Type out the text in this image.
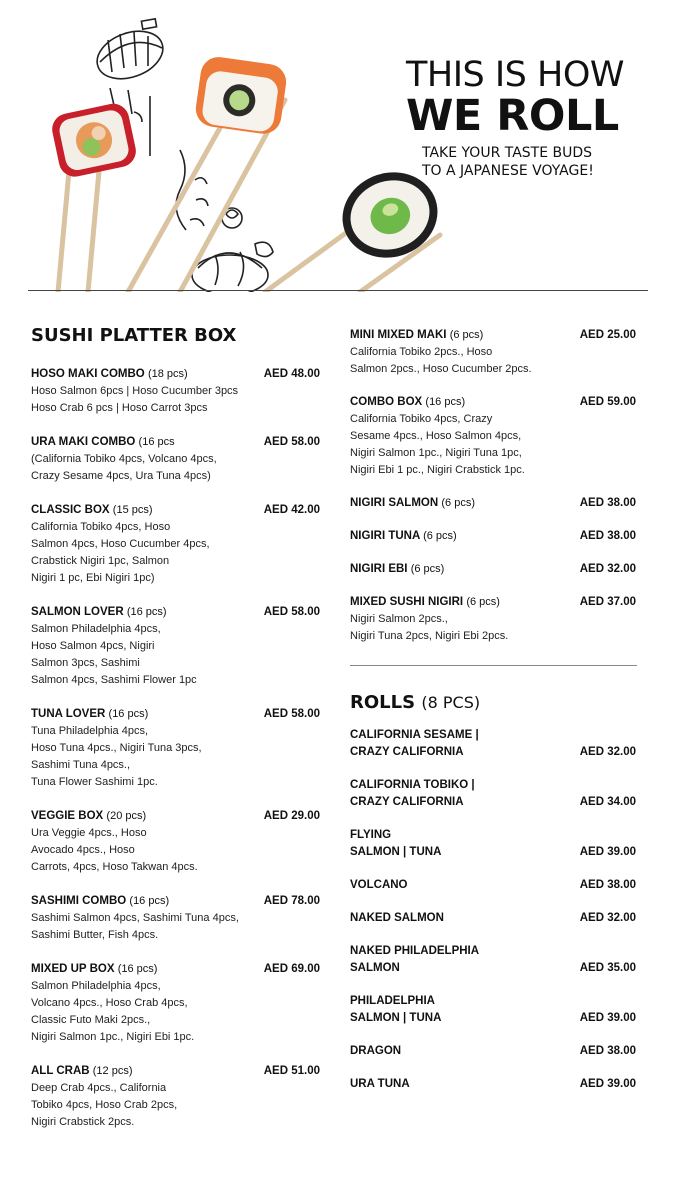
THIS IS HOW
WE ROLL
TAKE YOUR TASTE BUDS
TO A JAPANESE VOYAGE!
SUSHI PLATTER BOX
HOSO MAKI COMBO (18 pcs)	AED 48.00
Hoso Salmon 6pcs | Hoso Cucumber 3pcs
Hoso Crab 6 pcs | Hoso Carrot 3pcs
URA MAKI COMBO (16 pcs	AED 58.00
(California Tobiko 4pcs, Volcano 4pcs,
Crazy Sesame 4pcs, Ura Tuna 4pcs)
CLASSIC BOX (15 pcs)	AED 42.00
California Tobiko 4pcs, Hoso
Salmon 4pcs, Hoso Cucumber 4pcs,
Crabstick Nigiri 1pc, Salmon
Nigiri 1 pc, Ebi Nigiri 1pc)
SALMON LOVER (16 pcs)	AED 58.00
Salmon Philadelphia 4pcs,
Hoso Salmon 4pcs, Nigiri
Salmon 3pcs, Sashimi
Salmon 4pcs, Sashimi Flower 1pc
TUNA LOVER (16 pcs)	AED 58.00
Tuna Philadelphia 4pcs,
Hoso Tuna 4pcs., Nigiri Tuna 3pcs,
Sashimi Tuna 4pcs.,
Tuna Flower Sashimi 1pc.
VEGGIE BOX (20 pcs)	AED 29.00
Ura Veggie 4pcs., Hoso
Avocado 4pcs., Hoso
Carrots, 4pcs, Hoso Takwan 4pcs.
SASHIMI COMBO (16 pcs)	AED 78.00
Sashimi Salmon 4pcs, Sashimi Tuna 4pcs,
Sashimi Butter, Fish 4pcs.
MIXED UP BOX (16 pcs)	AED 69.00
Salmon Philadelphia 4pcs,
Volcano 4pcs., Hoso Crab 4pcs,
Classic Futo Maki 2pcs.,
Nigiri Salmon 1pc., Nigiri Ebi 1pc.
ALL CRAB (12 pcs)	AED 51.00
Deep Crab 4pcs., California
Tobiko 4pcs, Hoso Crab 2pcs,
Nigiri Crabstick 2pcs.
MINI MIXED MAKI (6 pcs)	AED 25.00
California Tobiko 2pcs., Hoso
Salmon 2pcs., Hoso Cucumber 2pcs.
COMBO BOX (16 pcs)	AED 59.00
California Tobiko 4pcs, Crazy
Sesame 4pcs., Hoso Salmon 4pcs,
Nigiri Salmon 1pc., Nigiri Tuna 1pc,
Nigiri Ebi 1 pc., Nigiri Crabstick 1pc.
NIGIRI SALMON (6 pcs)	AED 38.00
NIGIRI TUNA (6 pcs)	AED 38.00
NIGIRI EBI (6 pcs)	AED 32.00
MIXED SUSHI NIGIRI (6 pcs)	AED 37.00
Nigiri Salmon 2pcs.,
Nigiri Tuna 2pcs, Nigiri Ebi 2pcs.
ROLLS (8 PCS)
CALIFORNIA SESAME |
CRAZY CALIFORNIA	AED 32.00
CALIFORNIA TOBIKO |
CRAZY CALIFORNIA	AED 34.00
FLYING
SALMON | TUNA	AED 39.00
VOLCANO	AED 38.00
NAKED SALMON	AED 32.00
NAKED PHILADELPHIA
SALMON	AED 35.00
PHILADELPHIA
SALMON | TUNA	AED 39.00
DRAGON	AED 38.00
URA TUNA	AED 39.00
